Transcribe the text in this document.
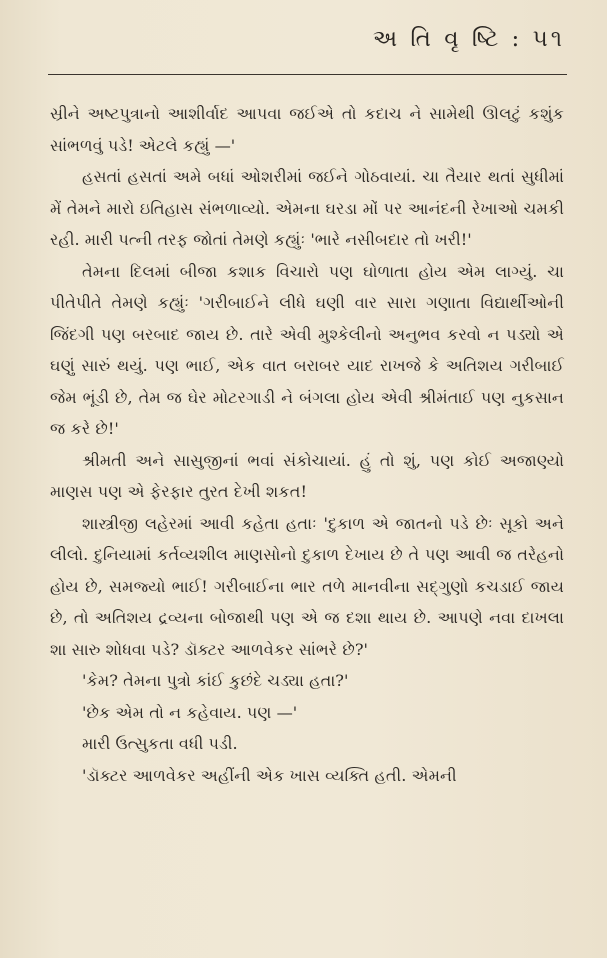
અ તિ વૃ ષ્ટિ : ૫૧

સ્રીને અષ્ટપુત્રાનો આશીર્વાદ આપવા જઈએ તો કદાચ ને સામેથી ઊલટું કશુંક સાંભળવું પડે! એટલે કહ્યું —'

હસતાં હસતાં અમે બધાં ઓશરીમાં જઈને ગોઠવાયાં. ચા તૈયાર થતાં સુધીમાં મેં તેમને મારો ઇતિહાસ સંભળાવ્યો. એમના ઘરડા મોં પર આનંદની રેખાઓ ચમકી રહી. મારી પત્ની તરફ જોતાં તેમણે કહ્યુંઃ 'ભારે નસીબદાર તો ખરી!'

તેમના દિલમાં બીજા કશાક વિચારો પણ ઘોળાતા હોય એમ લાગ્યું. ચા પીતેપીતે તેમણે કહ્યુંઃ 'ગરીબાઈને લીધે ઘણી વાર સારા ગણાતા વિદ્યાર્થીઓની જિંદગી પણ બરબાદ જાય છે. તારે એવી મુશ્કેલીનો અનુભવ કરવો ન પડ્યો એ ઘણું સારું થયું. પણ ભાઈ, એક વાત બરાબર યાદ રાખજે કે અતિશય ગરીબાઈ જેમ ભૂંડી છે, તેમ જ ઘેર મોટરગાડી ને બંગલા હોય એવી શ્રીમંતાઈ પણ નુકસાન જ કરે છે!'

શ્રીમતી અને સાસુજીનાં ભવાં સંકોચાયાં. હું તો શું, પણ કોઈ અજાણ્યો માણસ પણ એ ફેરફાર તુરત દેખી શકત!

શાસ્ત્રીજી લહેરમાં આવી કહેતા હતાઃ 'દુકાળ એ જાતનો પડે છેઃ સૂકો અને લીલો. દુનિયામાં કર્તવ્યશીલ માણસોનો દુકાળ દેખાય છે તે પણ આવી જ તરેહનો હોય છે, સમજ્યો ભાઈ! ગરીબાઈના ભાર તળે માનવીના સદ્ગુણો કચડાઈ જાય છે, તો અતિશય દ્રવ્યના બોજાથી પણ એ જ દશા થાય છે. આપણે નવા દાખલા શા સારુ શોધવા પડે? ડૉક્ટર આળવેકર સાંભરે છે?'

'કેમ? તેમના પુત્રો કાંઈ કુછંદે ચડ્યા હતા?'

'છેક એમ તો ન કહેવાય. પણ —'

મારી ઉત્સુકતા વધી પડી.

'ડૉક્ટર આળવેકર અહીંની એક ખાસ વ્યક્તિ હતી. એમની
